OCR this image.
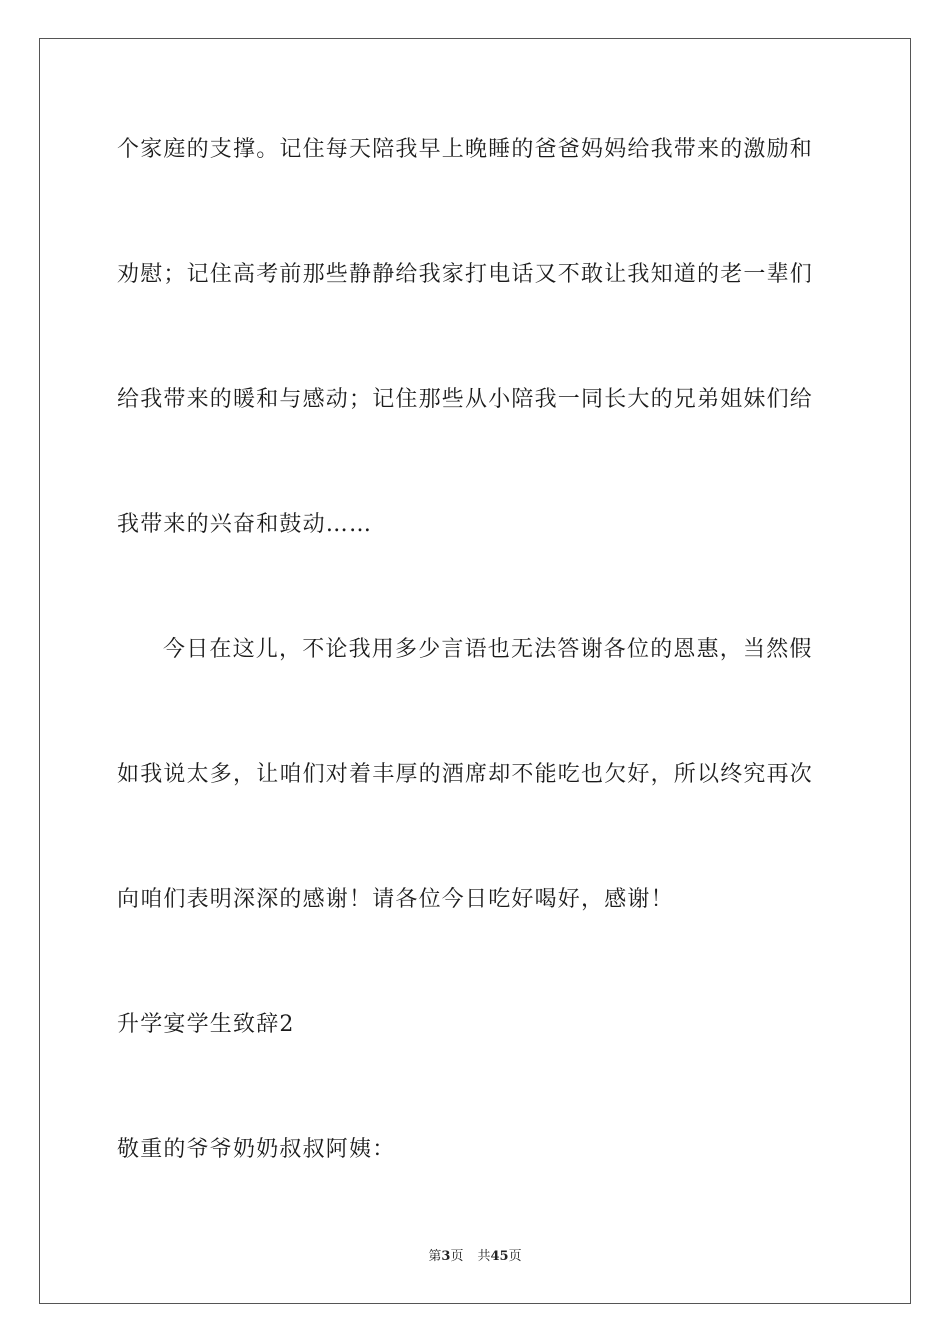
个家庭的支撑。记住每天陪我早上晚睡的爸爸妈妈给我带来的激励和
劝慰；记住高考前那些静静给我家打电话又不敢让我知道的老一辈们
给我带来的暖和与感动；记住那些从小陪我一同长大的兄弟姐妹们给
我带来的兴奋和鼓动……
今日在这儿，不论我用多少言语也无法答谢各位的恩惠，当然假
如我说太多，让咱们对着丰厚的酒席却不能吃也欠好，所以终究再次
向咱们表明深深的感谢！请各位今日吃好喝好，感谢！
升学宴学生致辞2
敬重的爷爷奶奶叔叔阿姨：
第3页 共45页
